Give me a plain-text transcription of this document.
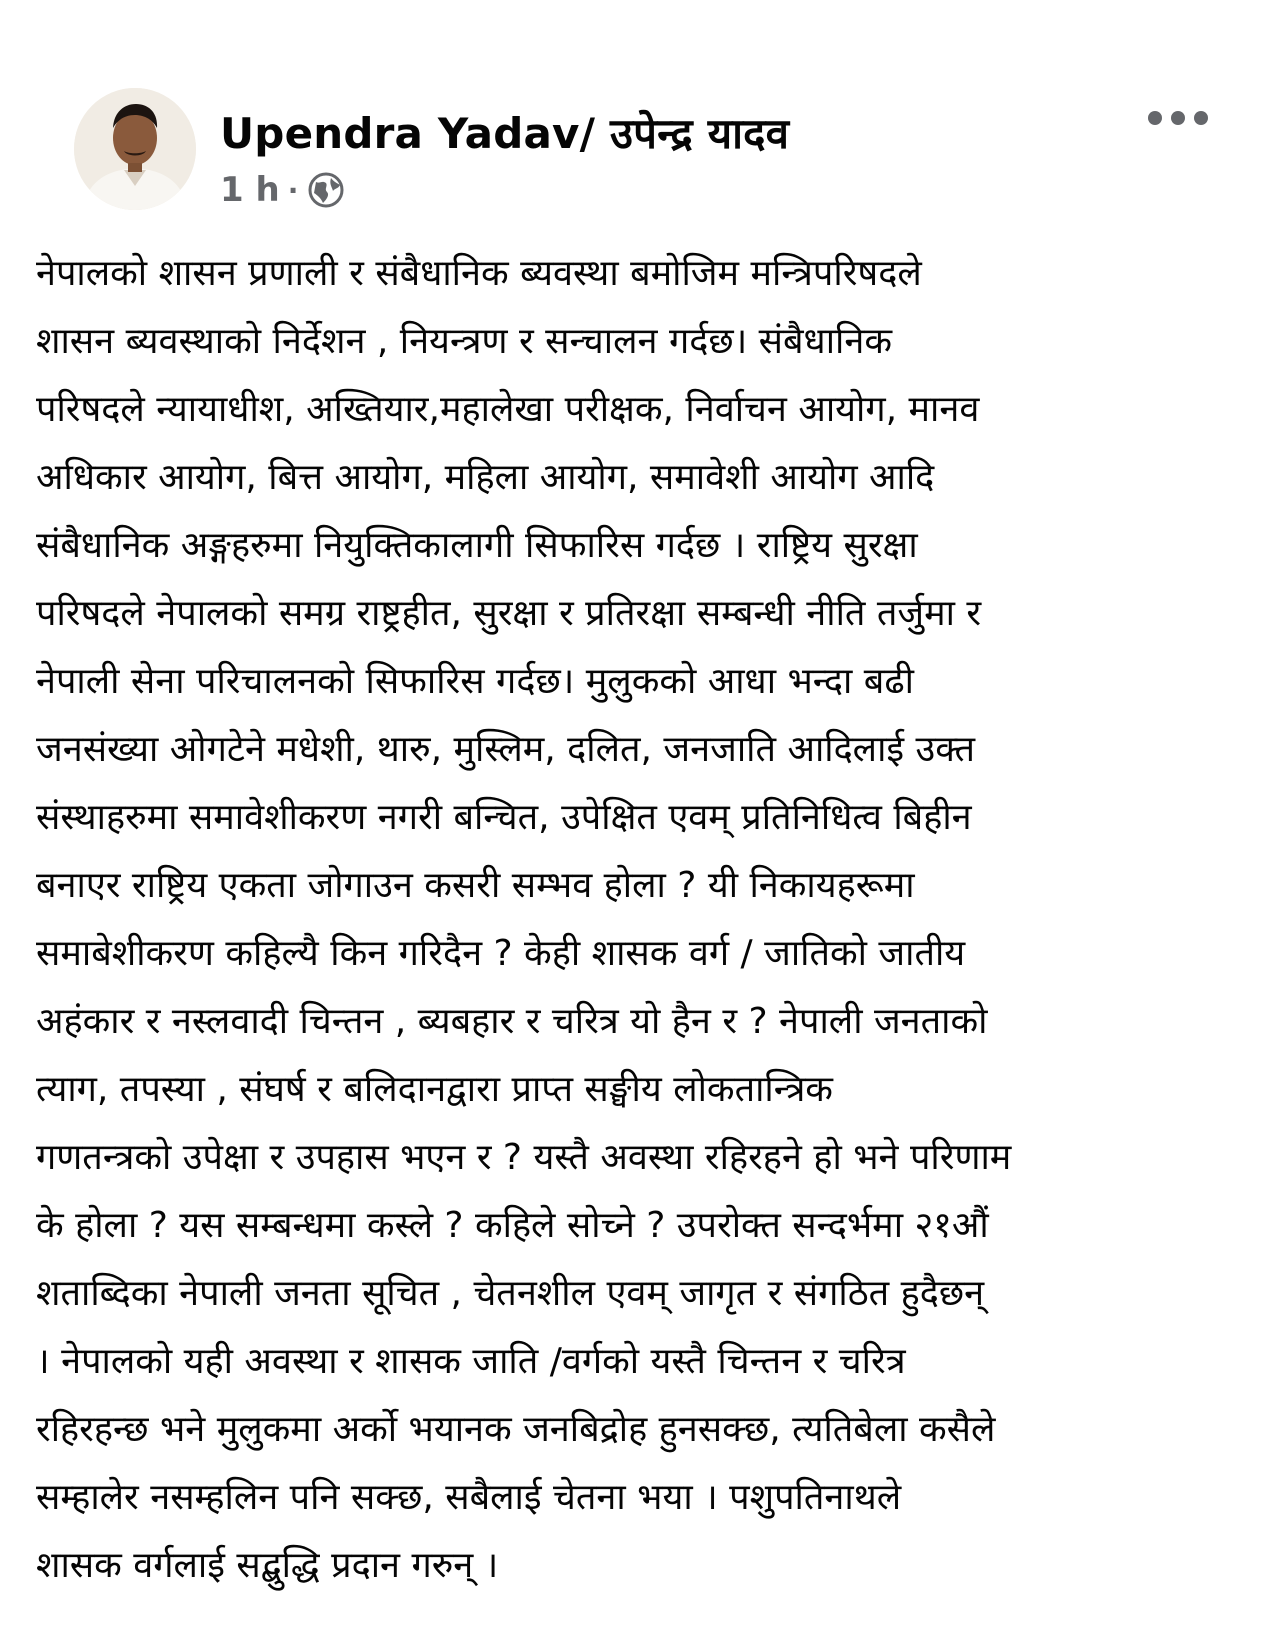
Upendra Yadav/ उपेन्द्र यादव
1 h ·
नेपालको शासन प्रणाली र संबैधानिक ब्यवस्था बमोजिम मन्त्रिपरिषदले
शासन ब्यवस्थाको निर्देशन , नियन्त्रण र सन्चालन गर्दछ। संबैधानिक
परिषदले न्यायाधीश, अख्तियार,महालेखा परीक्षक, निर्वाचन आयोग, मानव
अधिकार आयोग, बित्त आयोग, महिला आयोग, समावेशी आयोग आदि
संबैधानिक अङ्गहरुमा नियुक्तिकालागी सिफारिस गर्दछ । राष्ट्रिय सुरक्षा
परिषदले नेपालको समग्र राष्ट्रहीत, सुरक्षा र प्रतिरक्षा सम्बन्धी नीति तर्जुमा र
नेपाली सेना परिचालनको सिफारिस गर्दछ। मुलुकको आधा भन्दा बढी
जनसंख्या ओगटेने मधेशी, थारु, मुस्लिम, दलित, जनजाति आदिलाई उक्त
संस्थाहरुमा समावेशीकरण नगरी बन्चित, उपेक्षित एवम् प्रतिनिधित्व बिहीन
बनाएर राष्ट्रिय एकता जोगाउन कसरी सम्भव होला ? यी निकायहरूमा
समाबेशीकरण कहिल्यै किन गरिदैन ? केही शासक वर्ग / जातिको जातीय
अहंकार र नस्लवादी चिन्तन , ब्यबहार र चरित्र यो हैन र ? नेपाली जनताको
त्याग, तपस्या , संघर्ष र बलिदानद्वारा प्राप्त सङ्घीय लोकतान्त्रिक
गणतन्त्रको उपेक्षा र उपहास भएन र ? यस्तै अवस्था रहिरहने हो भने परिणाम
के होला ? यस सम्बन्धमा कस्ले ? कहिले सोच्ने ? उपरोक्त सन्दर्भमा २१औं
शताब्दिका नेपाली जनता सूचित , चेतनशील एवम् जागृत र संगठित हुदैछन्
। नेपालको यही अवस्था र शासक जाति /वर्गको यस्तै चिन्तन र चरित्र
रहिरहन्छ भने मुलुकमा अर्को भयानक जनबिद्रोह हुनसक्छ, त्यतिबेला कसैले
सम्हालेर नसम्हलिन पनि सक्छ, सबैलाई चेतना भया । पशुपतिनाथले
शासक वर्गलाई सद्बुद्धि प्रदान गरुन् ।
